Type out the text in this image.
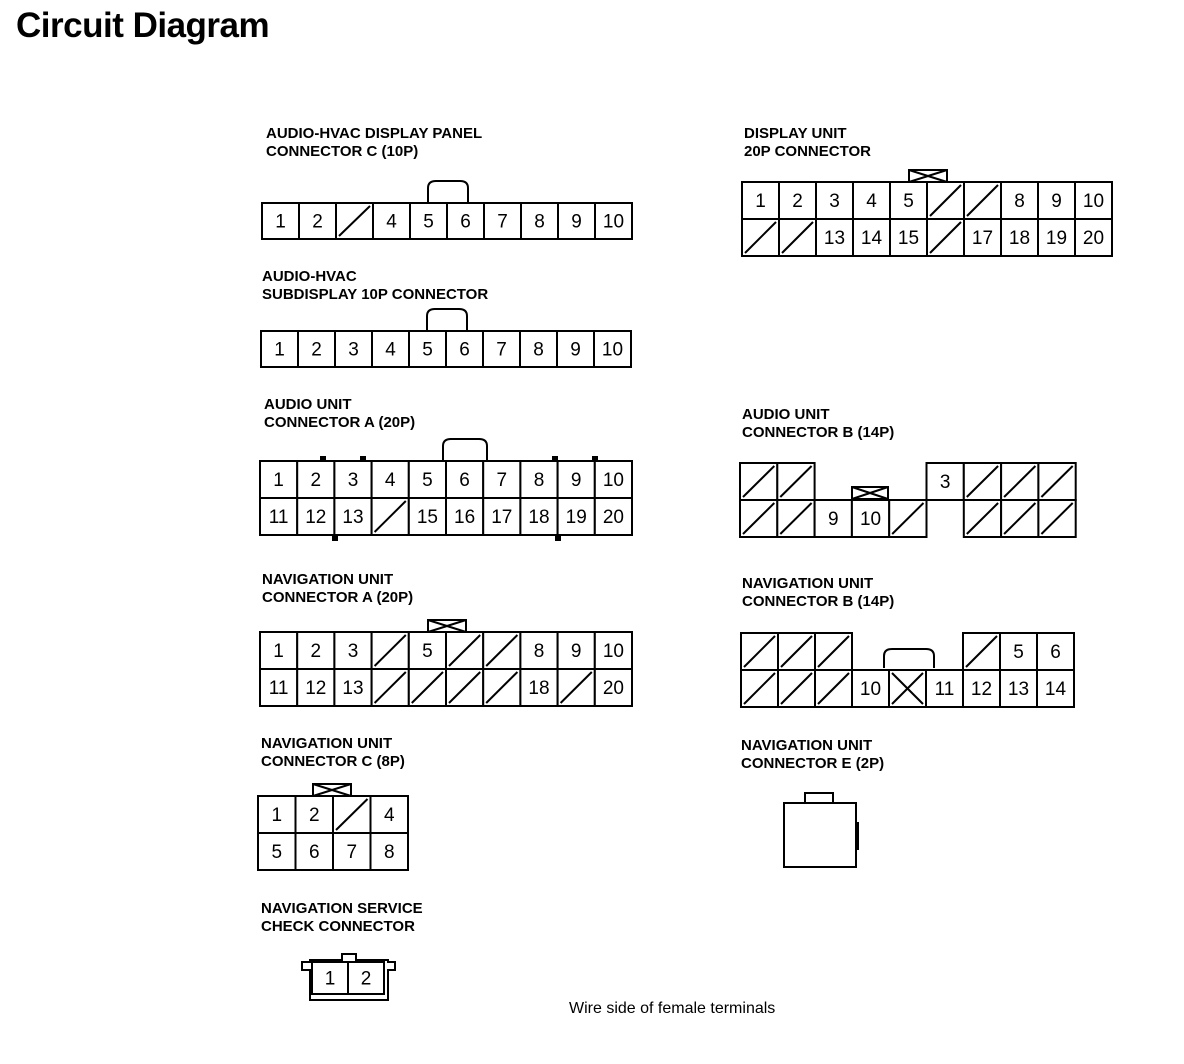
Circuit Diagram
AUDIO-HVAC DISPLAY PANEL
CONNECTOR C (10P)
AUDIO-HVAC
SUBDISPLAY 10P CONNECTOR
AUDIO UNIT
CONNECTOR A (20P)
NAVIGATION UNIT
CONNECTOR A (20P)
NAVIGATION UNIT
CONNECTOR C (8P)
NAVIGATION SERVICE
CHECK CONNECTOR
DISPLAY UNIT
20P CONNECTOR
AUDIO UNIT
CONNECTOR B (14P)
NAVIGATION UNIT
CONNECTOR B (14P)
NAVIGATION UNIT
CONNECTOR E (2P)
Wire side of female terminals
1 2	4 5 6 7 8 9 10
1 2 3 4 5 6 7 8 9 10
1 2 3 4 5 6 7 8 9 10
11 12 13	15 16 17 18 19 20
1 2 3	5	8 9 10
11 12 13	18	20
1 2	4
5 6 7 8
1 2
1 2 3 4 5	8 9 10
13 14 15	17 18 19 20
3
9 10
5 6
10	11 12 13 14
